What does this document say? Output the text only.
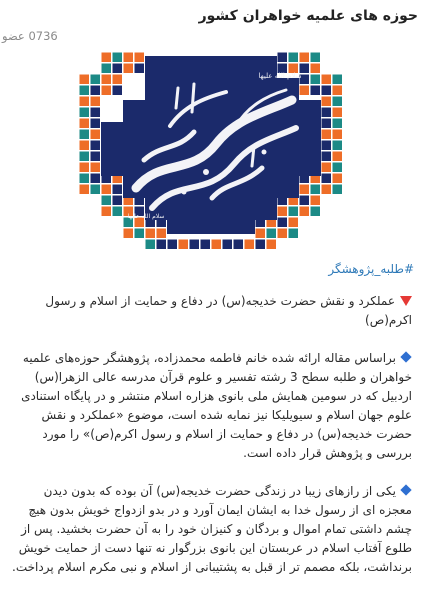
حوزه های علمیه خواهران کشور
0736 عضو
سلام الله علیها
سلام الله علیها
#طلبه_پژوهشگر

عملکرد و نقش حضرت خدیجه(س) در دفاع و حمایت از اسلام و رسول اکرم(ص)

براساس مقاله ارائه شده خانم فاطمه محمدزاده، پژوهشگر حوزه‌های علمیه خواهران و طلبه سطح 3 رشته تفسیر و علوم قرآن مدرسه عالی الزهرا(س) اردبیل که در سومین همایش ملی بانوی هزاره اسلام منتشر و در پایگاه استنادی علوم جهان اسلام و سیویلیکا نیز نمایه شده است، موضوع «عملکرد و نقش حضرت خدیجه(س) در دفاع و حمایت از اسلام و رسول اکرم(ص)» را مورد بررسی و پژوهش قرار داده است.

یکی از رازهای زیبا در زندگی حضرت خدیجه(س) آن بوده که بدون دیدن معجزه ای از رسول خدا به ایشان ایمان آورد و در بدو ازدواج خویش بدون هیچ چشم داشتی تمام اموال و بردگان و کنیزان خود را به آن حضرت بخشید. پس از طلوع آفتاب اسلام در عربستان این بانوی بزرگوار نه تنها دست از حمایت خویش برنداشت، بلکه مصمم تر از قبل به پشتیبانی از اسلام و نبی مکرم اسلام پرداخت.
